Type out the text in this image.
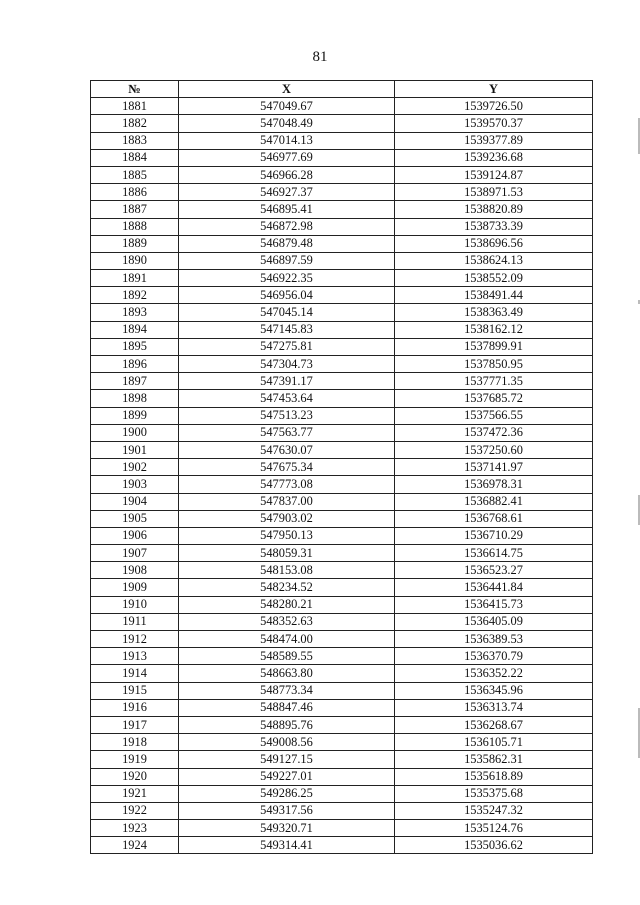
81
№	X	Y
1881	547049.67	1539726.50
1882	547048.49	1539570.37
1883	547014.13	1539377.89
1884	546977.69	1539236.68
1885	546966.28	1539124.87
1886	546927.37	1538971.53
1887	546895.41	1538820.89
1888	546872.98	1538733.39
1889	546879.48	1538696.56
1890	546897.59	1538624.13
1891	546922.35	1538552.09
1892	546956.04	1538491.44
1893	547045.14	1538363.49
1894	547145.83	1538162.12
1895	547275.81	1537899.91
1896	547304.73	1537850.95
1897	547391.17	1537771.35
1898	547453.64	1537685.72
1899	547513.23	1537566.55
1900	547563.77	1537472.36
1901	547630.07	1537250.60
1902	547675.34	1537141.97
1903	547773.08	1536978.31
1904	547837.00	1536882.41
1905	547903.02	1536768.61
1906	547950.13	1536710.29
1907	548059.31	1536614.75
1908	548153.08	1536523.27
1909	548234.52	1536441.84
1910	548280.21	1536415.73
1911	548352.63	1536405.09
1912	548474.00	1536389.53
1913	548589.55	1536370.79
1914	548663.80	1536352.22
1915	548773.34	1536345.96
1916	548847.46	1536313.74
1917	548895.76	1536268.67
1918	549008.56	1536105.71
1919	549127.15	1535862.31
1920	549227.01	1535618.89
1921	549286.25	1535375.68
1922	549317.56	1535247.32
1923	549320.71	1535124.76
1924	549314.41	1535036.62
